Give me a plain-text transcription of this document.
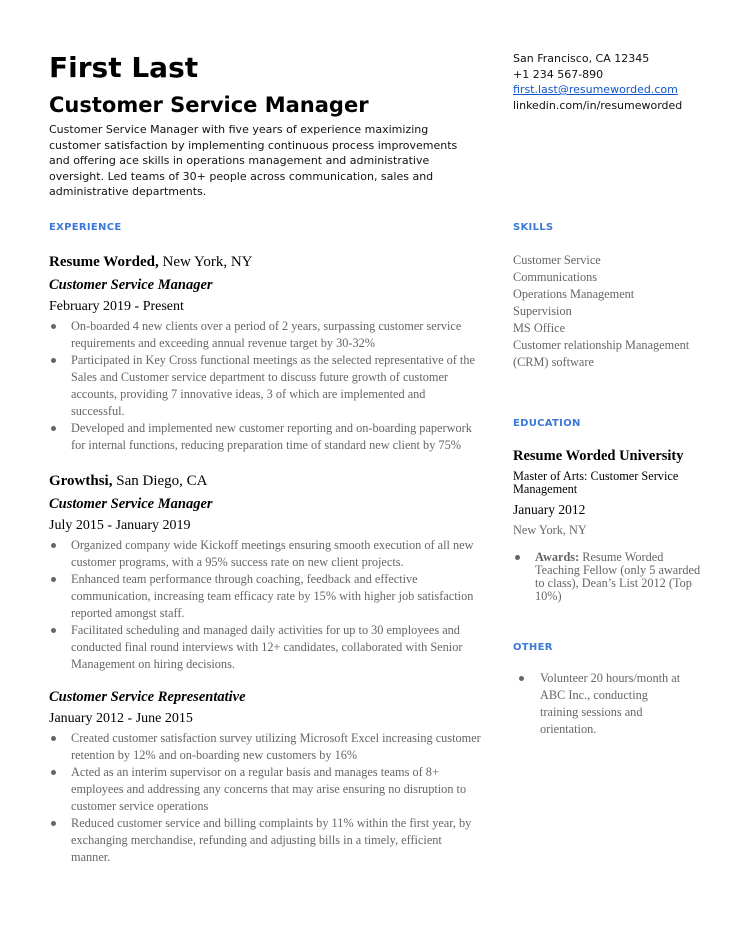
First Last
Customer Service Manager

Customer Service Manager with five years of experience maximizing customer satisfaction by implementing continuous process improvements and offering ace skills in operations management and administrative oversight. Led teams of 30+ people across communication, sales and administrative departments.

San Francisco, CA 12345
+1 234 567-890
first.last@resumeworded.com
linkedin.com/in/resumeworded
EXPERIENCE	SKILLS
EDUCATION
OTHER
Resume Worded, New York, NY
Customer Service Manager
February 2019 - Present
On-boarded 4 new clients over a period of 2 years, surpassing customer service requirements and exceeding annual revenue target by 30-32%
Participated in Key Cross functional meetings as the selected representative of the Sales and Customer service department to discuss future growth of customer accounts, providing 7 innovative ideas, 3 of which are implemented and successful.
Developed and implemented new customer reporting and on-boarding paperwork for internal functions, reducing preparation time of standard new client by 75%
Growthsi, San Diego, CA
Customer Service Manager
July 2015 - January 2019
Organized company wide Kickoff meetings ensuring smooth execution of all new customer programs, with a 95% success rate on new client projects.
Enhanced team performance through coaching, feedback and effective communication, increasing team efficacy rate by 15% with higher job satisfaction reported amongst staff.
Facilitated scheduling and managed daily activities for up to 30 employees and conducted final round interviews with 12+ candidates, collaborated with Senior Management on hiring decisions.
Customer Service Representative
January 2012 - June 2015
Created customer satisfaction survey utilizing Microsoft Excel increasing customer retention by 12% and on-boarding new customers by 16%
Acted as an interim supervisor on a regular basis and manages teams of 8+ employees and addressing any concerns that may arise ensuring no disruption to customer service operations
Reduced customer service and billing complaints by 11% within the first year, by exchanging merchandise, refunding and adjusting bills in a timely, efficient manner.
Customer Service
Communications
Operations Management
Supervision
MS Office
Customer relationship Management (CRM) software
Resume Worded University
Master of Arts: Customer Service Management
January 2012
New York, NY
Awards: Resume Worded Teaching Fellow (only 5 awarded to class), Dean’s List 2012 (Top 10%)
Volunteer 20 hours/month at ABC Inc., conducting training sessions and orientation.
